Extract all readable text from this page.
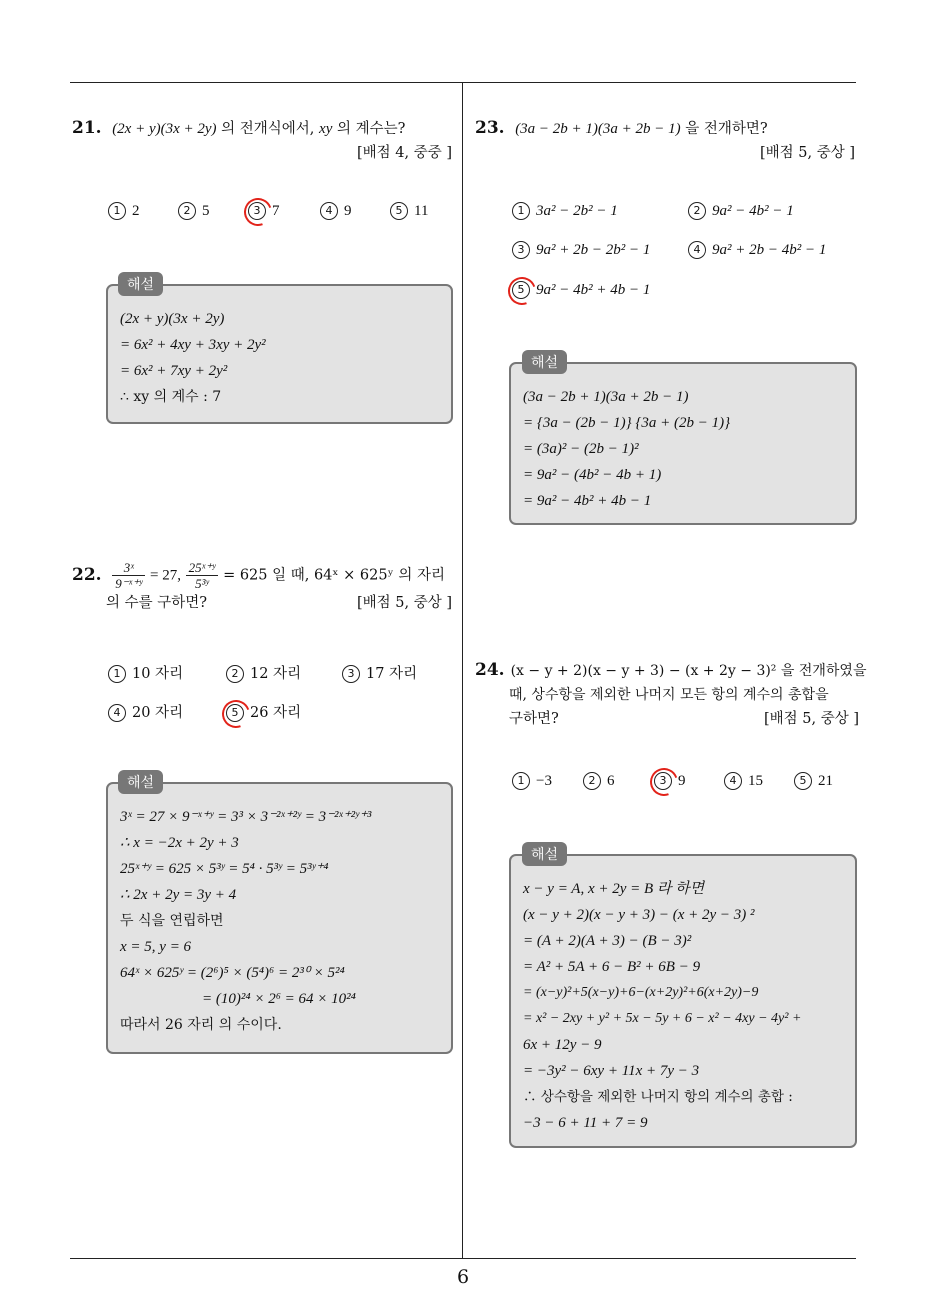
6
21. (2x + y)(3x + 2y) 의 전개식에서, xy 의 계수는?
[배점 4, 중중 ]
1 2	2 5	3 7	4 9	5 11
(2x + y)(3x + 2y)
= 6x² + 4xy + 3xy + 2y²
= 6x² + 7xy + 2y²
∴ xy 의 계수 : 7
해설
22. $\frac{\text{3ˣ}}{\text{9⁻ˣ⁺ʸ}} = 27$, $\frac{\text{25ˣ⁺ʸ}}{\text{5³ʸ}} = 625$ 일 때, 64ˣ × 625ʸ 의 자리
의 수를 구하면?	[배점 5, 중상 ]
1 10 자리	2 12 자리	3 17 자리
4 20 자리	5 26 자리
3ˣ = 27 × 9⁻ˣ⁺ʸ = 3³ × 3⁻²ˣ⁺²ʸ = 3⁻²ˣ⁺²ʸ⁺³
∴ x = −2x + 2y + 3
25ˣ⁺ʸ = 625 × 5³ʸ = 5⁴ · 5³ʸ = 5³ʸ⁺⁴
∴ 2x + 2y = 3y + 4
두 식을 연립하면
x = 5, y = 6
64ˣ × 625ʸ = (2⁶)⁵ × (5⁴)⁶ = 2³⁰ × 5²⁴
= (10)²⁴ × 2⁶ = 64 × 10²⁴
따라서 26 자리 의 수이다.
해설
23. (3a − 2b + 1)(3a + 2b − 1) 을 전개하면?
[배점 5, 중상 ]
1 3a² − 2b² − 1	2 9a² − 4b² − 1
3 9a² + 2b − 2b² − 1	4 9a² + 2b − 4b² − 1
5 9a² − 4b² + 4b − 1
(3a − 2b + 1)(3a + 2b − 1)
= {3a − (2b − 1)} {3a + (2b − 1)}
= (3a)² − (2b − 1)²
= 9a² − (4b² − 4b + 1)
= 9a² − 4b² + 4b − 1
해설
24. (x − y + 2)(x − y + 3) − (x + 2y − 3)² 을 전개하였을
때, 상수항을 제외한 나머지 모든 항의 계수의 총합을
구하면?	[배점 5, 중상 ]
1 −3	2 6	3 9	4 15	5 21
x − y = A, x + 2y = B 라 하면
(x − y + 2)(x − y + 3) − (x + 2y − 3) ²
= (A + 2)(A + 3) − (B − 3)²
= A² + 5A + 6 − B² + 6B − 9
= (x−y)²+5(x−y)+6−(x+2y)²+6(x+2y)−9
= x² − 2xy + y² + 5x − 5y + 6 − x² − 4xy − 4y² +
6x + 12y − 9
= −3y² − 6xy + 11x + 7y − 3
∴ 상수항을 제외한 나머지 항의 계수의 총합 :
−3 − 6 + 11 + 7 = 9
해설
